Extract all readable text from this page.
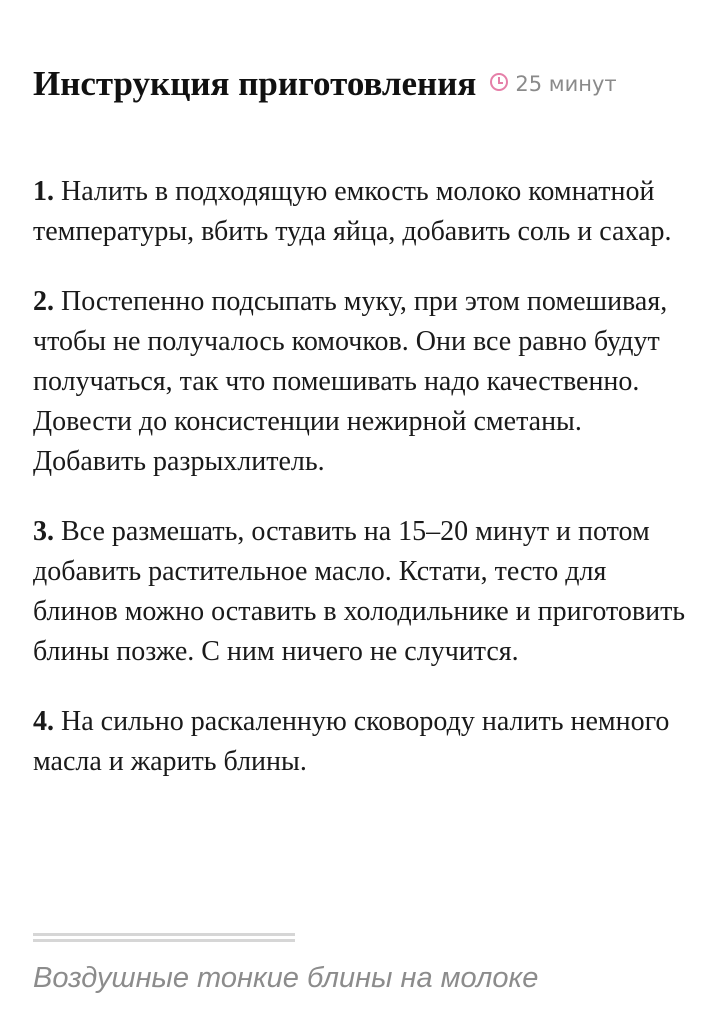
Инструкция приготовления 25 минут

1. Налить в подходящую емкость молоко комнатной температуры, вбить туда яйца, добавить соль и сахар.

2. Постепенно подсыпать муку, при этом помешивая, чтобы не получалось комочков. Они все равно будут получаться, так что помешивать надо качественно. Довести до консистенции нежирной сметаны. Добавить разрыхлитель.

3. Все размешать, оставить на 15–20 минут и потом добавить растительное масло. Кстати, тесто для блинов можно оставить в холодильнике и приготовить блины позже. С ним ничего не случится.

4. На сильно раскаленную сковороду налить немного масла и жарить блины.

Воздушные тонкие блины на молоке
